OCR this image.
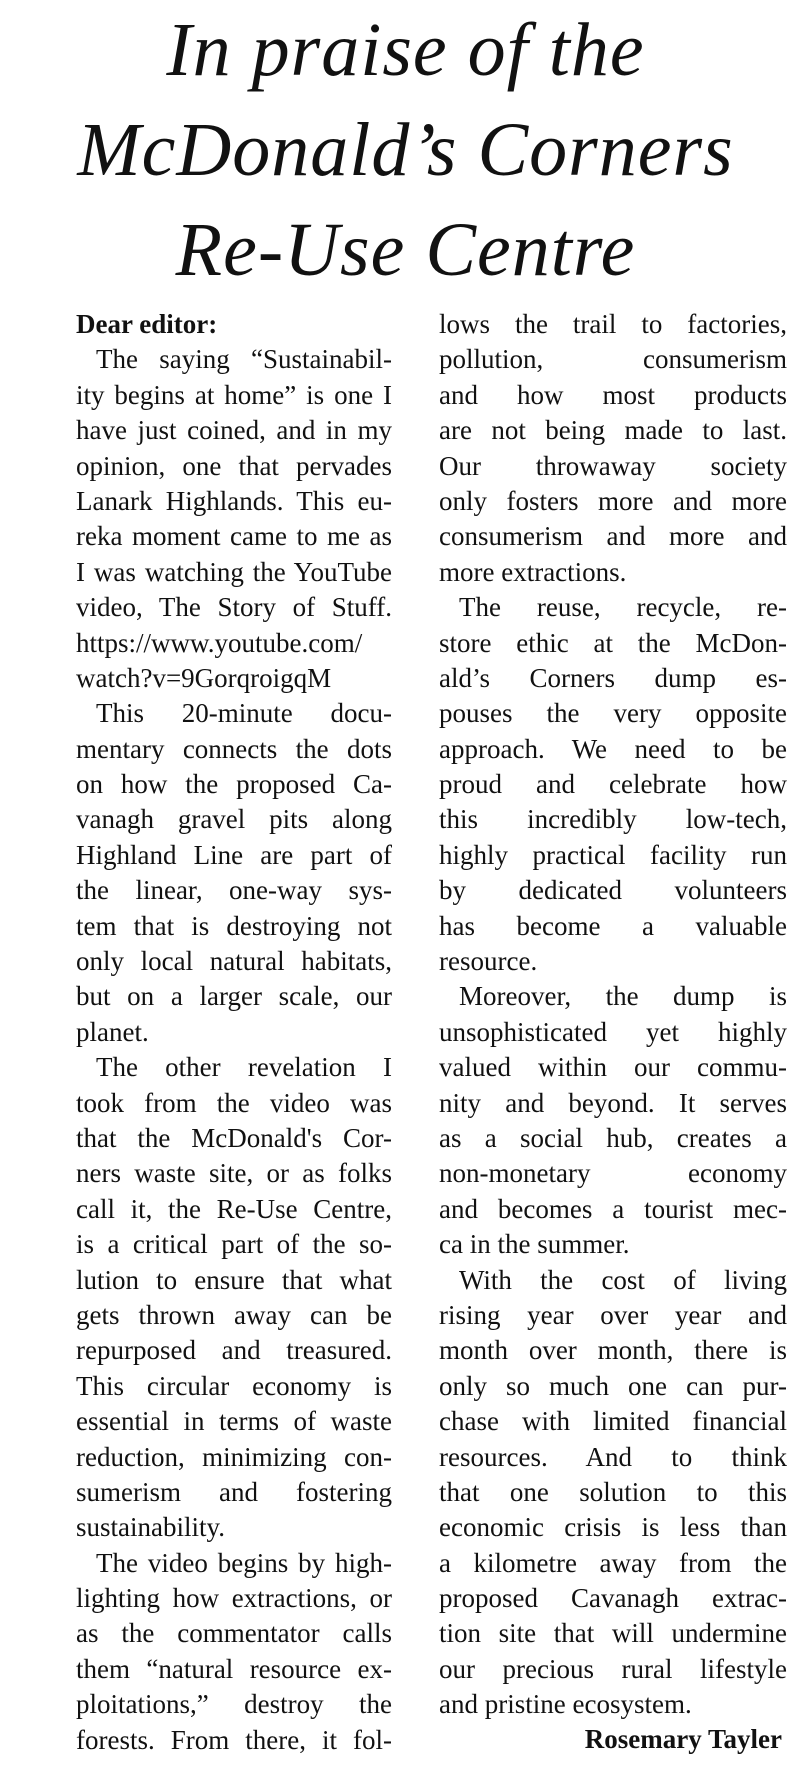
In praise of the
McDonald’s Corners
Re-Use Centre
Dear editor:
The saying “Sustainabil-
ity begins at home” is one I
have just coined, and in my
opinion, one that pervades
Lanark Highlands. This eu-
reka moment came to me as
I was watching the YouTube
video, The Story of Stuff.
https://www.youtube.com/
watch?v=9GorqroigqM
This 20-minute docu-
mentary connects the dots
on how the proposed Ca-
vanagh gravel pits along
Highland Line are part of
the linear, one-way sys-
tem that is destroying not
only local natural habitats,
but on a larger scale, our
planet.
The other revelation I
took from the video was
that the McDonald's Cor-
ners waste site, or as folks
call it, the Re-Use Centre,
is a critical part of the so-
lution to ensure that what
gets thrown away can be
repurposed and treasured.
This circular economy is
essential in terms of waste
reduction, minimizing con-
sumerism and fostering
sustainability.
The video begins by high-
lighting how extractions, or
as the commentator calls
them “natural resource ex-
ploitations,” destroy the
forests. From there, it fol-
lows the trail to factories,
pollution, consumerism
and how most products
are not being made to last.
Our throwaway society
only fosters more and more
consumerism and more and
more extractions.
The reuse, recycle, re-
store ethic at the McDon-
ald’s Corners dump es-
pouses the very opposite
approach. We need to be
proud and celebrate how
this incredibly low-tech,
highly practical facility run
by dedicated volunteers
has become a valuable
resource.
Moreover, the dump is
unsophisticated yet highly
valued within our commu-
nity and beyond. It serves
as a social hub, creates a
non-monetary economy
and becomes a tourist mec-
ca in the summer.
With the cost of living
rising year over year and
month over month, there is
only so much one can pur-
chase with limited financial
resources. And to think
that one solution to this
economic crisis is less than
a kilometre away from the
proposed Cavanagh extrac-
tion site that will undermine
our precious rural lifestyle
and pristine ecosystem.
Rosemary Tayler
